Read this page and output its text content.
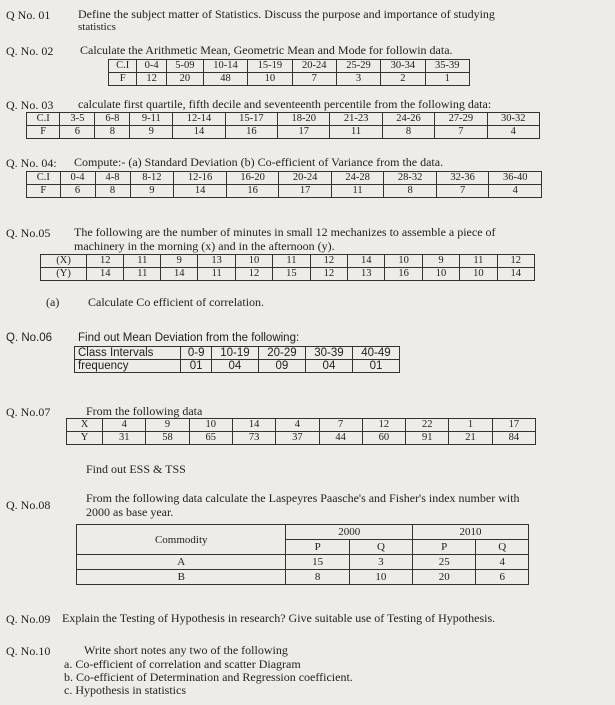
Q No. 01 Define the subject matter of Statistics. Discuss the purpose and importance of studying
statistics
Q. No. 02 Calculate the Arithmetic Mean, Geometric Mean and Mode for followin data.
C.I	0-4	5-09	10-14	15-19	20-24	25-29	30-34	35-39
F	12	20	48	10	7	3	2	1
Q. No. 03 calculate first quartile, fifth decile and seventeenth percentile from the following data:
C.I	3-5	6-8	9-11	12-14	15-17	18-20	21-23	24-26	27-29	30-32
F	6	8	9	14	16	17	11	8	7	4
Q. No. 04: Compute:- (a) Standard Deviation (b) Co-efficient of Variance from the data.
C.I	0-4	4-8	8-12	12-16	16-20	20-24	24-28	28-32	32-36	36-40
F	6	8	9	14	16	17	11	8	7	4
Q. No.05 The following are the number of minutes in small 12 mechanizes to assemble a piece of
machinery in the morning (x) and in the afternoon (y).
(X)	12	11	9	13	10	11	12	14	10	9	11	12
(Y)	14	11	14	11	12	15	12	13	16	10	10	14
(a) Calculate Co efficient of correlation.
Q. No.06 Find out Mean Deviation from the following:
Class Intervals	0-9	10-19	20-29	30-39	40-49
frequency	01	04	09	04	01
Q. No.07	From the following data
X	4	9	10	14	4	7	12	22	1	17
Y	31	58	65	73	37	44	60	91	21	84
Find out ESS & TSS
Q. No.08	From the following data calculate the Laspeyres Paasche's and Fisher's index number with
2000 as base year.
Commodity	2000		2010	
	P	Q	P	Q
A	15	3	25	4
B	8	10	20	6
Q. No.09 Explain the Testing of Hypothesis in research? Give suitable use of Testing of Hypothesis.
Q. No.10	Write short notes any two of the following
a. Co-efficient of correlation and scatter Diagram
b. Co-efficient of Determination and Regression coefficient.
c. Hypothesis in statistics
